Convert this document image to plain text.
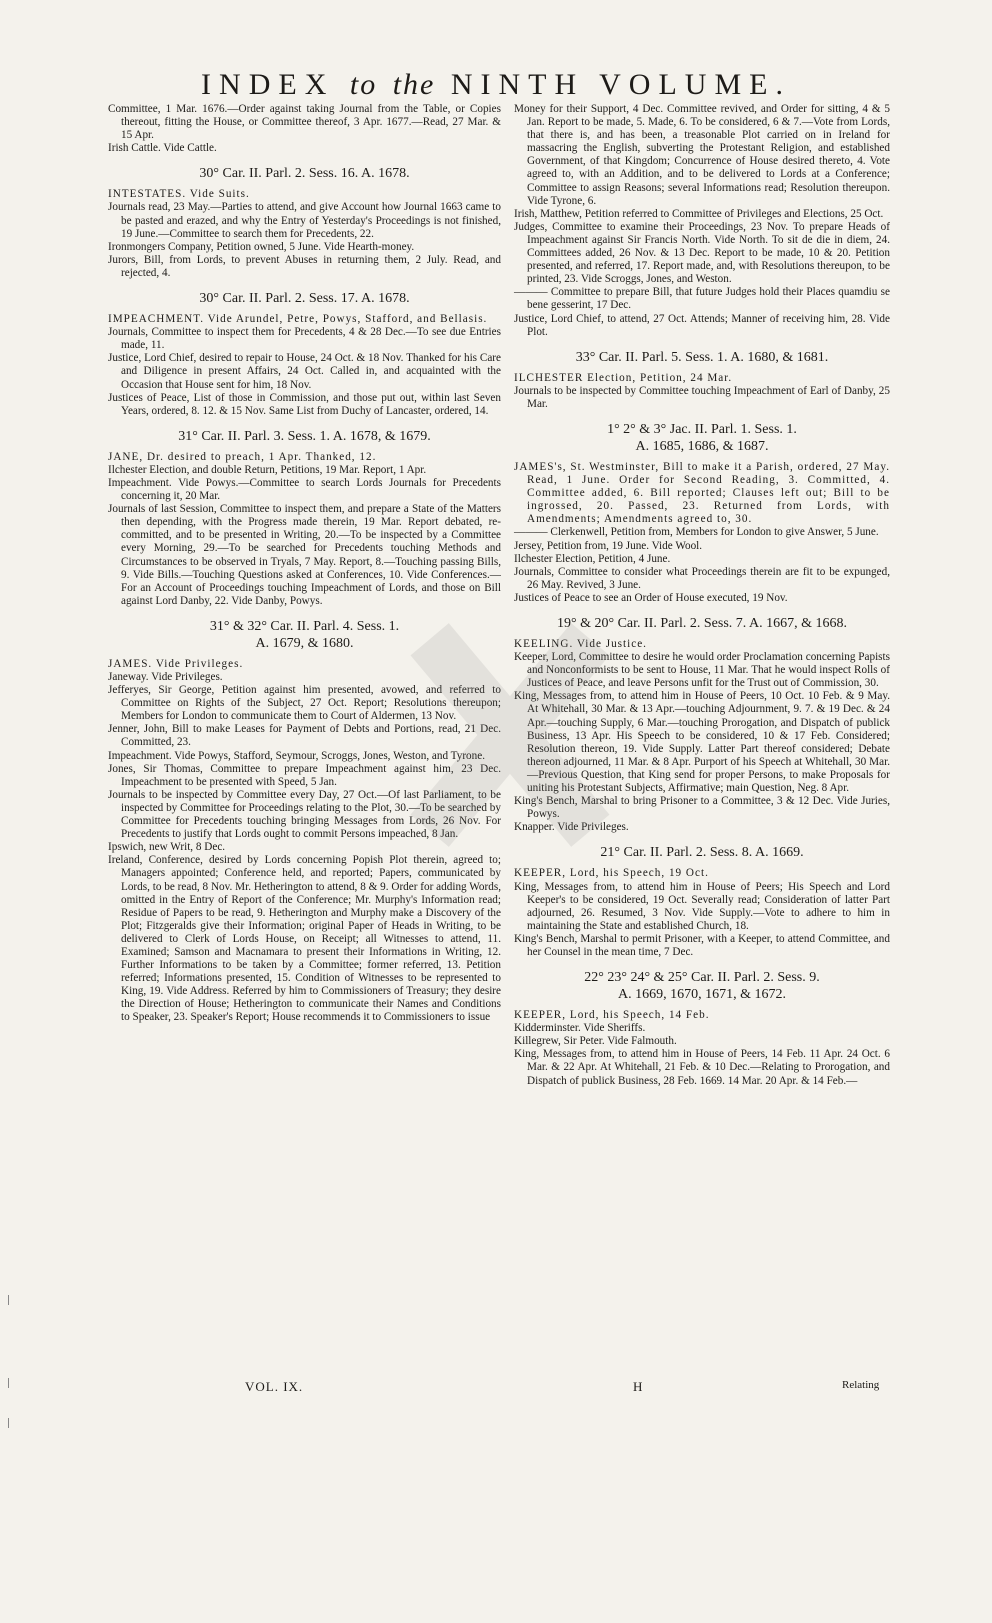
INDEX to the NINTH VOLUME.

Committee, 1 Mar. 1676.—Order against taking Journal from the Table, or Copies thereout, fitting the House, or Committee thereof, 3 Apr. 1677.—Read, 27 Mar. & 15 Apr.

Irish Cattle. Vide Cattle.

30° Car. II. Parl. 2. Sess. 16. A. 1678.

INTESTATES. Vide Suits.

Journals read, 23 May.—Parties to attend, and give Account how Journal 1663 came to be pasted and erazed, and why the Entry of Yesterday's Proceedings is not finished, 19 June.—Committee to search them for Precedents, 22.

Ironmongers Company, Petition owned, 5 June. Vide Hearth-money.

Jurors, Bill, from Lords, to prevent Abuses in returning them, 2 July. Read, and rejected, 4.

30° Car. II. Parl. 2. Sess. 17. A. 1678.

IMPEACHMENT. Vide Arundel, Petre, Powys, Stafford, and Bellasis.

Journals, Committee to inspect them for Precedents, 4 & 28 Dec.—To see due Entries made, 11.

Justice, Lord Chief, desired to repair to House, 24 Oct. & 18 Nov. Thanked for his Care and Diligence in present Affairs, 24 Oct. Called in, and acquainted with the Occasion that House sent for him, 18 Nov.

Justices of Peace, List of those in Commission, and those put out, within last Seven Years, ordered, 8. 12. & 15 Nov. Same List from Duchy of Lancaster, ordered, 14.

31° Car. II. Parl. 3. Sess. 1. A. 1678, & 1679.

JANE, Dr. desired to preach, 1 Apr. Thanked, 12.

Ilchester Election, and double Return, Petitions, 19 Mar. Report, 1 Apr.

Impeachment. Vide Powys.—Committee to search Lords Journals for Precedents concerning it, 20 Mar.

Journals of last Session, Committee to inspect them, and prepare a State of the Matters then depending, with the Progress made therein, 19 Mar. Report debated, re-committed, and to be presented in Writing, 20.—To be inspected by a Committee every Morning, 29.—To be searched for Precedents touching Methods and Circumstances to be observed in Tryals, 7 May. Report, 8.—Touching passing Bills, 9. Vide Bills.—Touching Questions asked at Conferences, 10. Vide Conferences.—For an Account of Proceedings touching Impeachment of Lords, and those on Bill against Lord Danby, 22. Vide Danby, Powys.

31° & 32° Car. II. Parl. 4. Sess. 1.
A. 1679, & 1680.

JAMES. Vide Privileges.

Janeway. Vide Privileges.

Jefferyes, Sir George, Petition against him presented, avowed, and referred to Committee on Rights of the Subject, 27 Oct. Report; Resolutions thereupon; Members for London to communicate them to Court of Aldermen, 13 Nov.

Jenner, John, Bill to make Leases for Payment of Debts and Portions, read, 21 Dec. Committed, 23.

Impeachment. Vide Powys, Stafford, Seymour, Scroggs, Jones, Weston, and Tyrone.

Jones, Sir Thomas, Committee to prepare Impeachment against him, 23 Dec. Impeachment to be presented with Speed, 5 Jan.

Journals to be inspected by Committee every Day, 27 Oct.—Of last Parliament, to be inspected by Committee for Proceedings relating to the Plot, 30.—To be searched by Committee for Precedents touching bringing Messages from Lords, 26 Nov. For Precedents to justify that Lords ought to commit Persons impeached, 8 Jan.

Ipswich, new Writ, 8 Dec.

Ireland, Conference, desired by Lords concerning Popish Plot therein, agreed to; Managers appointed; Conference held, and reported; Papers, communicated by Lords, to be read, 8 Nov. Mr. Hetherington to attend, 8 & 9. Order for adding Words, omitted in the Entry of Report of the Conference; Mr. Murphy's Information read; Residue of Papers to be read, 9. Hetherington and Murphy make a Discovery of the Plot; Fitzgeralds give their Information; original Paper of Heads in Writing, to be delivered to Clerk of Lords House, on Receipt; all Witnesses to attend, 11. Examined; Samson and Macnamara to present their Informations in Writing, 12. Further Informations to be taken by a Committee; former referred, 13. Petition referred; Informations presented, 15. Condition of Witnesses to be represented to King, 19. Vide Address. Referred by him to Commissioners of Treasury; they desire the Direction of House; Hetherington to communicate their Names and Conditions to Speaker, 23. Speaker's Report; House recommends it to Commissioners to issue

Money for their Support, 4 Dec. Committee revived, and Order for sitting, 4 & 5 Jan. Report to be made, 5. Made, 6. To be considered, 6 & 7.—Vote from Lords, that there is, and has been, a treasonable Plot carried on in Ireland for massacring the English, subverting the Protestant Religion, and established Government, of that Kingdom; Concurrence of House desired thereto, 4. Vote agreed to, with an Addition, and to be delivered to Lords at a Conference; Committee to assign Reasons; several Informations read; Resolution thereupon. Vide Tyrone, 6.

Irish, Matthew, Petition referred to Committee of Privileges and Elections, 25 Oct.

Judges, Committee to examine their Proceedings, 23 Nov. To prepare Heads of Impeachment against Sir Francis North. Vide North. To sit de die in diem, 24. Committees added, 26 Nov. & 13 Dec. Report to be made, 10 & 20. Petition presented, and referred, 17. Report made, and, with Resolutions thereupon, to be printed, 23. Vide Scroggs, Jones, and Weston.

——— Committee to prepare Bill, that future Judges hold their Places quamdiu se bene gesserint, 17 Dec.

Justice, Lord Chief, to attend, 27 Oct. Attends; Manner of receiving him, 28. Vide Plot.

33° Car. II. Parl. 5. Sess. 1. A. 1680, & 1681.

ILCHESTER Election, Petition, 24 Mar.

Journals to be inspected by Committee touching Impeachment of Earl of Danby, 25 Mar.

1° 2° & 3° Jac. II. Parl. 1. Sess. 1.
A. 1685, 1686, & 1687.

JAMES's, St. Westminster, Bill to make it a Parish, ordered, 27 May. Read, 1 June. Order for Second Reading, 3. Committed, 4. Committee added, 6. Bill reported; Clauses left out; Bill to be ingrossed, 20. Passed, 23. Returned from Lords, with Amendments; Amendments agreed to, 30.

——— Clerkenwell, Petition from, Members for London to give Answer, 5 June.

Jersey, Petition from, 19 June. Vide Wool.

Ilchester Election, Petition, 4 June.

Journals, Committee to consider what Proceedings therein are fit to be expunged, 26 May. Revived, 3 June.

Justices of Peace to see an Order of House executed, 19 Nov.

19° & 20° Car. II. Parl. 2. Sess. 7. A. 1667, & 1668.

KEELING. Vide Justice.

Keeper, Lord, Committee to desire he would order Proclamation concerning Papists and Nonconformists to be sent to House, 11 Mar. That he would inspect Rolls of Justices of Peace, and leave Persons unfit for the Trust out of Commission, 30.

King, Messages from, to attend him in House of Peers, 10 Oct. 10 Feb. & 9 May. At Whitehall, 30 Mar. & 13 Apr.—touching Adjournment, 9. 7. & 19 Dec. & 24 Apr.—touching Supply, 6 Mar.—touching Prorogation, and Dispatch of publick Business, 13 Apr. His Speech to be considered, 10 & 17 Feb. Considered; Resolution thereon, 19. Vide Supply. Latter Part thereof considered; Debate thereon adjourned, 11 Mar. & 8 Apr. Purport of his Speech at Whitehall, 30 Mar.—Previous Question, that King send for proper Persons, to make Proposals for uniting his Protestant Subjects, Affirmative; main Question, Neg. 8 Apr.

King's Bench, Marshal to bring Prisoner to a Committee, 3 & 12 Dec. Vide Juries, Powys.

Knapper. Vide Privileges.

21° Car. II. Parl. 2. Sess. 8. A. 1669.

KEEPER, Lord, his Speech, 19 Oct.

King, Messages from, to attend him in House of Peers; His Speech and Lord Keeper's to be considered, 19 Oct. Severally read; Consideration of latter Part adjourned, 26. Resumed, 3 Nov. Vide Supply.—Vote to adhere to him in maintaining the State and established Church, 18.

King's Bench, Marshal to permit Prisoner, with a Keeper, to attend Committee, and her Counsel in the mean time, 7 Dec.

22° 23° 24° & 25° Car. II. Parl. 2. Sess. 9.
A. 1669, 1670, 1671, & 1672.

KEEPER, Lord, his Speech, 14 Feb.

Kidderminster. Vide Sheriffs.

Killegrew, Sir Peter. Vide Falmouth.

King, Messages from, to attend him in House of Peers, 14 Feb. 11 Apr. 24 Oct. 6 Mar. & 22 Apr. At Whitehall, 21 Feb. & 10 Dec.—Relating to Prorogation, and Dispatch of publick Business, 28 Feb. 1669. 14 Mar. 20 Apr. & 14 Feb.—

VOL. IX.	H	Relating
